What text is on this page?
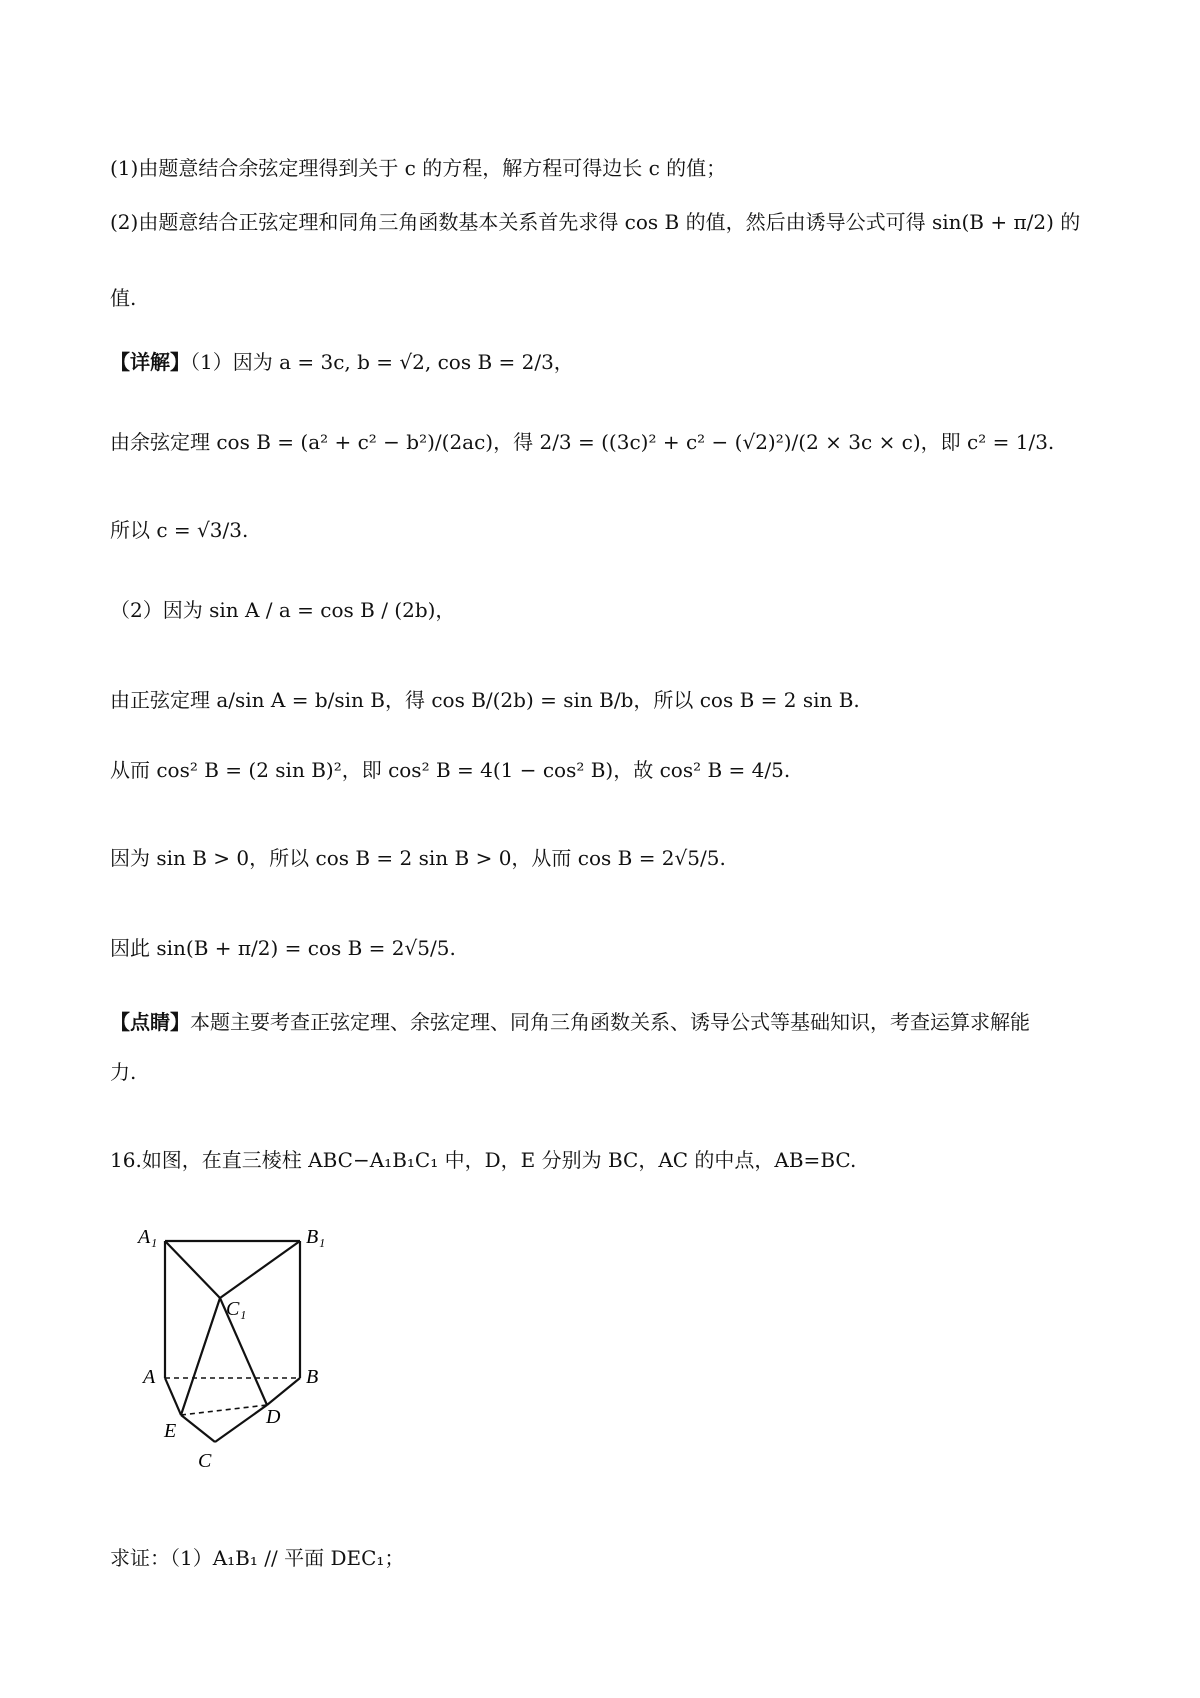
(1)由题意结合余弦定理得到关于 c 的方程，解方程可得边长 c 的值；
(2)由题意结合正弦定理和同角三角函数基本关系首先求得 cos B 的值，然后由诱导公式可得 sin(B + π/2) 的
值.
【详解】（1）因为 a = 3c, b = √2, cos B = 2/3，
由余弦定理 cos B = (a² + c² − b²)/(2ac)，得 2/3 = ((3c)² + c² − (√2)²)/(2 × 3c × c)，即 c² = 1/3.
所以 c = √3/3.
（2）因为 sin A / a = cos B / (2b)，
由正弦定理 a/sin A = b/sin B，得 cos B/(2b) = sin B/b，所以 cos B = 2 sin B.
从而 cos² B = (2 sin B)²，即 cos² B = 4(1 − cos² B)，故 cos² B = 4/5.
因为 sin B > 0，所以 cos B = 2 sin B > 0，从而 cos B = 2√5/5.
因此 sin(B + π/2) = cos B = 2√5/5.
【点睛】本题主要考查正弦定理、余弦定理、同角三角函数关系、诱导公式等基础知识，考查运算求解能
力.
16.如图，在直三棱柱 ABC−A₁B₁C₁ 中，D，E 分别为 BC，AC 的中点，AB=BC.
A₁	B₁
C₁
A	B
E
D
C
求证：（1）A₁B₁ // 平面 DEC₁；
